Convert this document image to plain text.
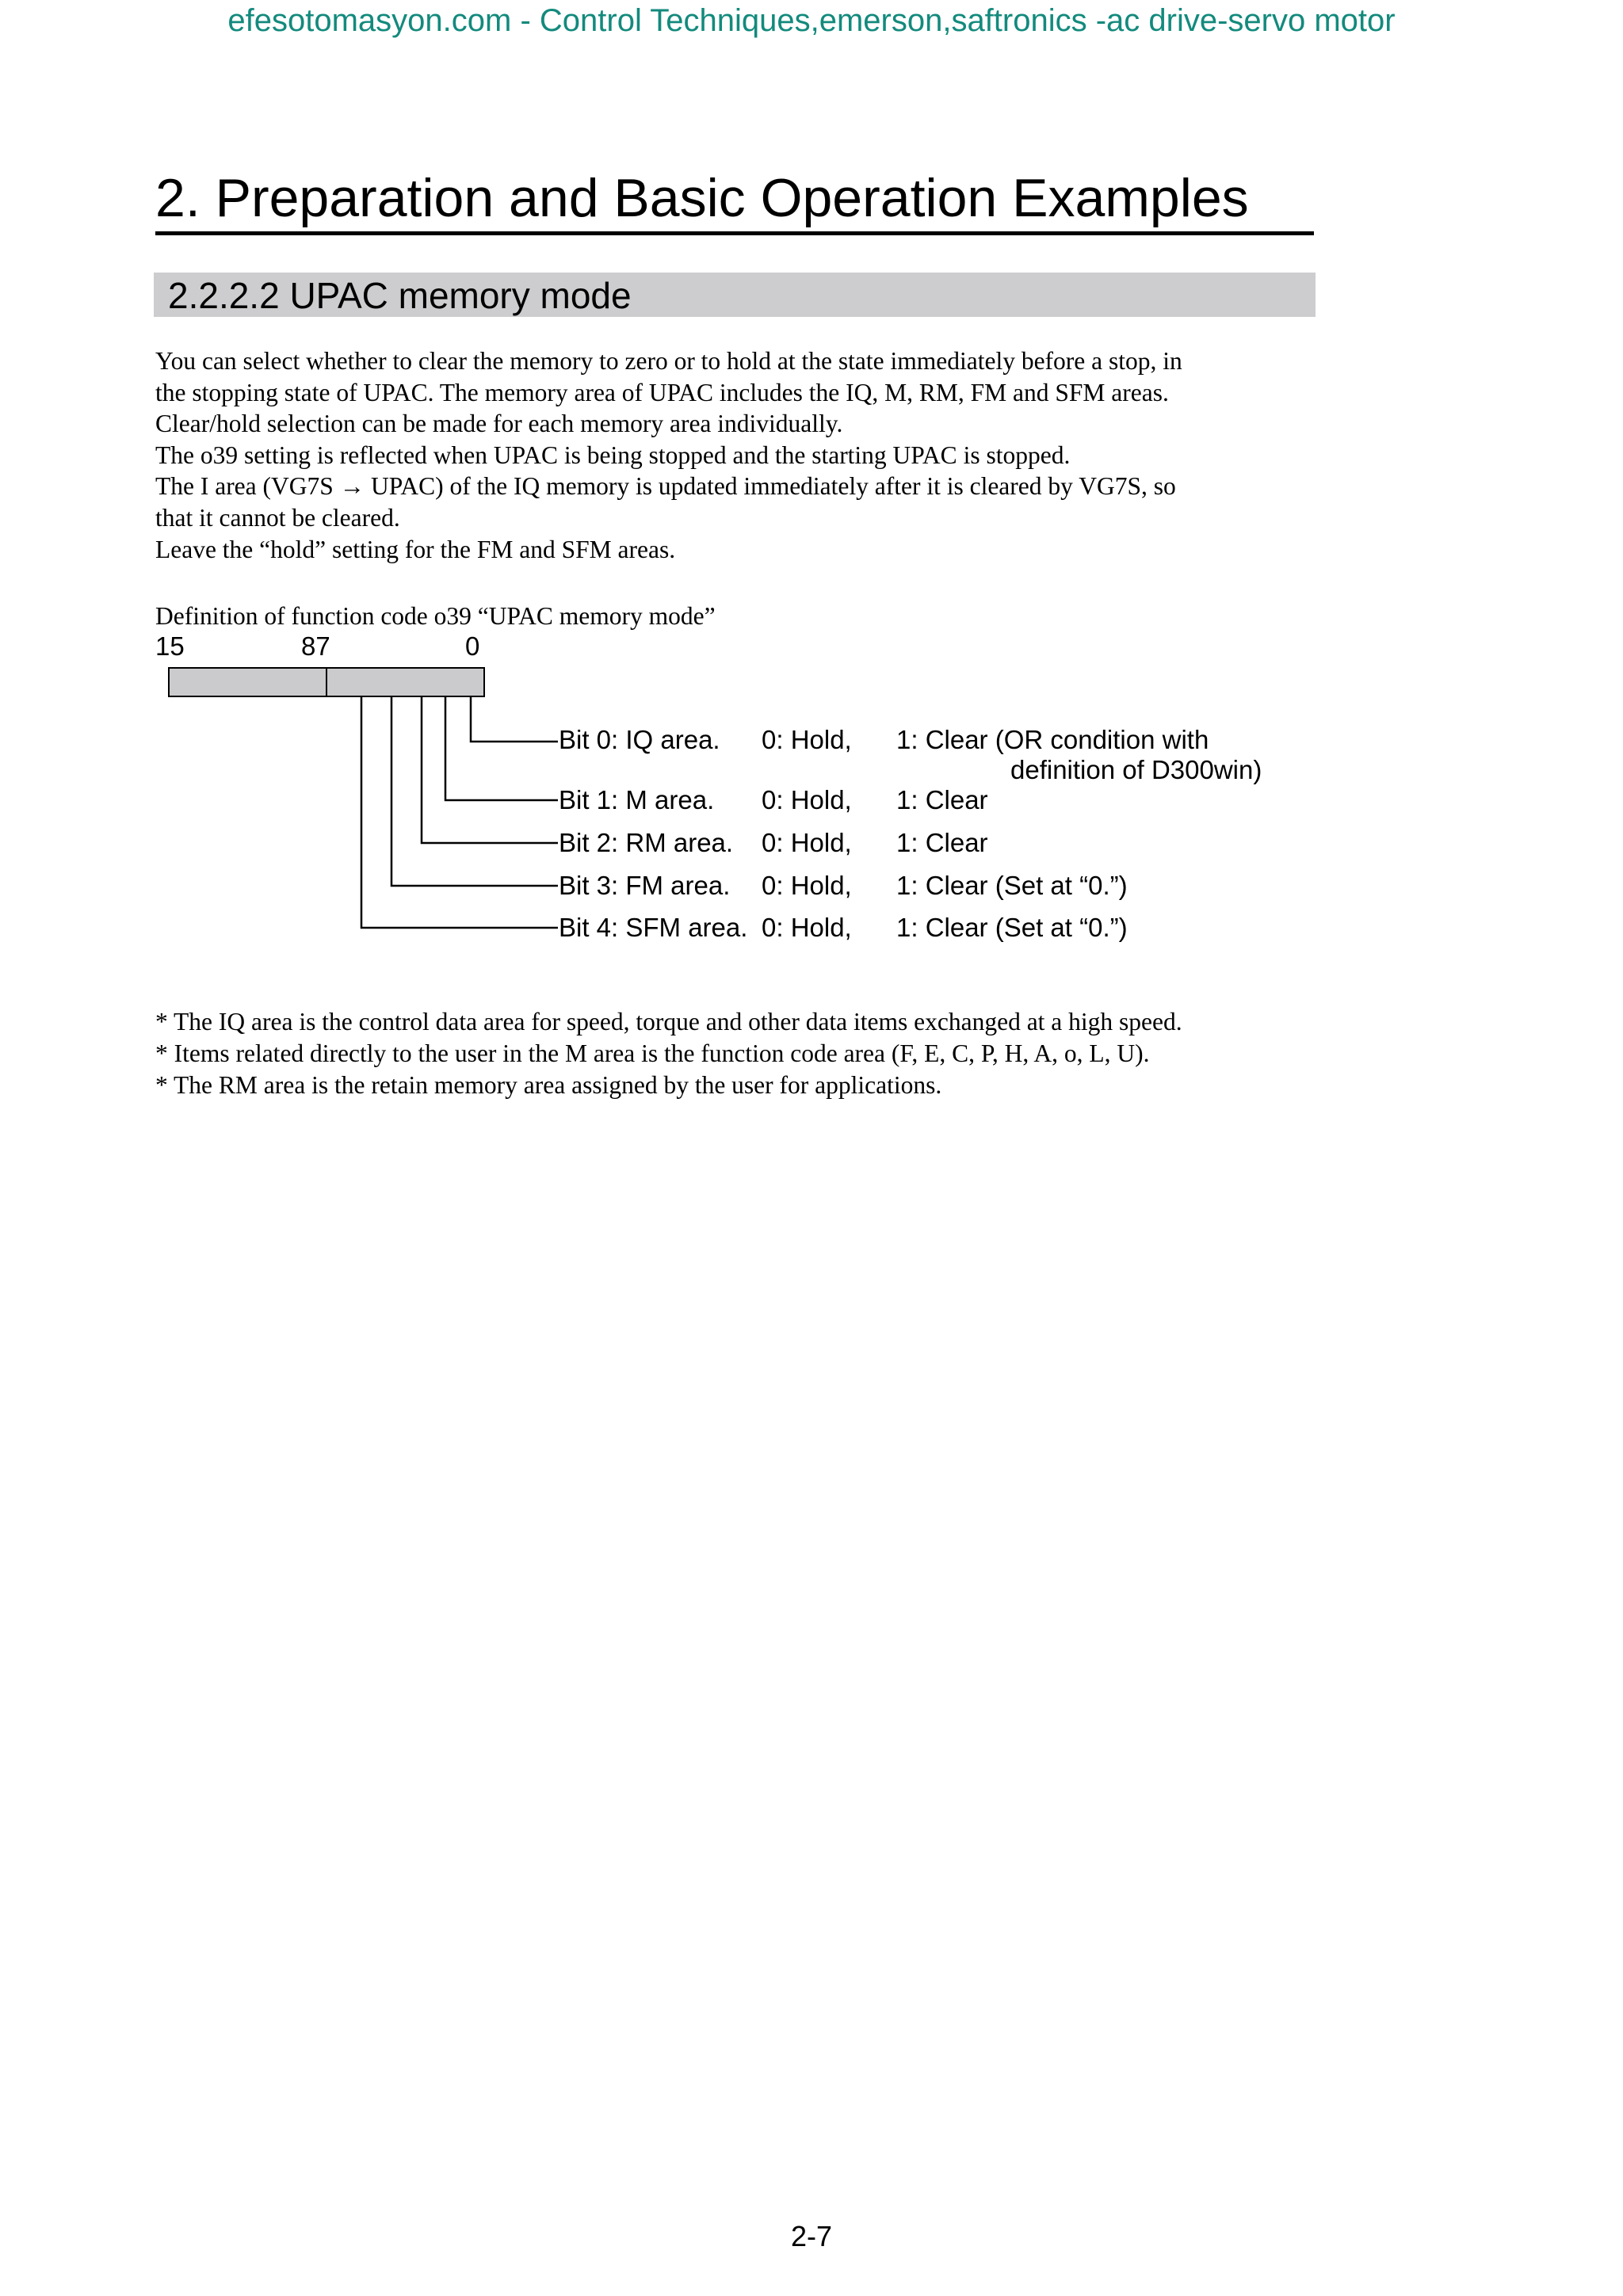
efesotomasyon.com - Control Techniques,emerson,saftronics -ac drive-servo motor
2. Preparation and Basic Operation Examples
2.2.2.2 UPAC memory mode
You can select whether to clear the memory to zero or to hold at the state immediately before a stop, in
the stopping state of UPAC. The memory area of UPAC includes the IQ, M, RM, FM and SFM areas.
Clear/hold selection can be made for each memory area individually.
The o39 setting is reflected when UPAC is being stopped and the starting UPAC is stopped.
The I area (VG7S → UPAC) of the IQ memory is updated immediately after it is cleared by VG7S, so
that it cannot be cleared.
Leave the “hold” setting for the FM and SFM areas.
Definition of function code o39 “UPAC memory mode”
15	87	0
Bit 0: IQ area. 0: Hold, 1: Clear (OR condition with
definition of D300win)
Bit 1: M area. 0: Hold, 1: Clear
Bit 2: RM area. 0: Hold, 1: Clear
Bit 3: FM area. 0: Hold, 1: Clear (Set at “0.”)
Bit 4: SFM area. 0: Hold, 1: Clear (Set at “0.”)
* The IQ area is the control data area for speed, torque and other data items exchanged at a high speed.
* Items related directly to the user in the M area is the function code area (F, E, C, P, H, A, o, L, U).
* The RM area is the retain memory area assigned by the user for applications.
2-7
